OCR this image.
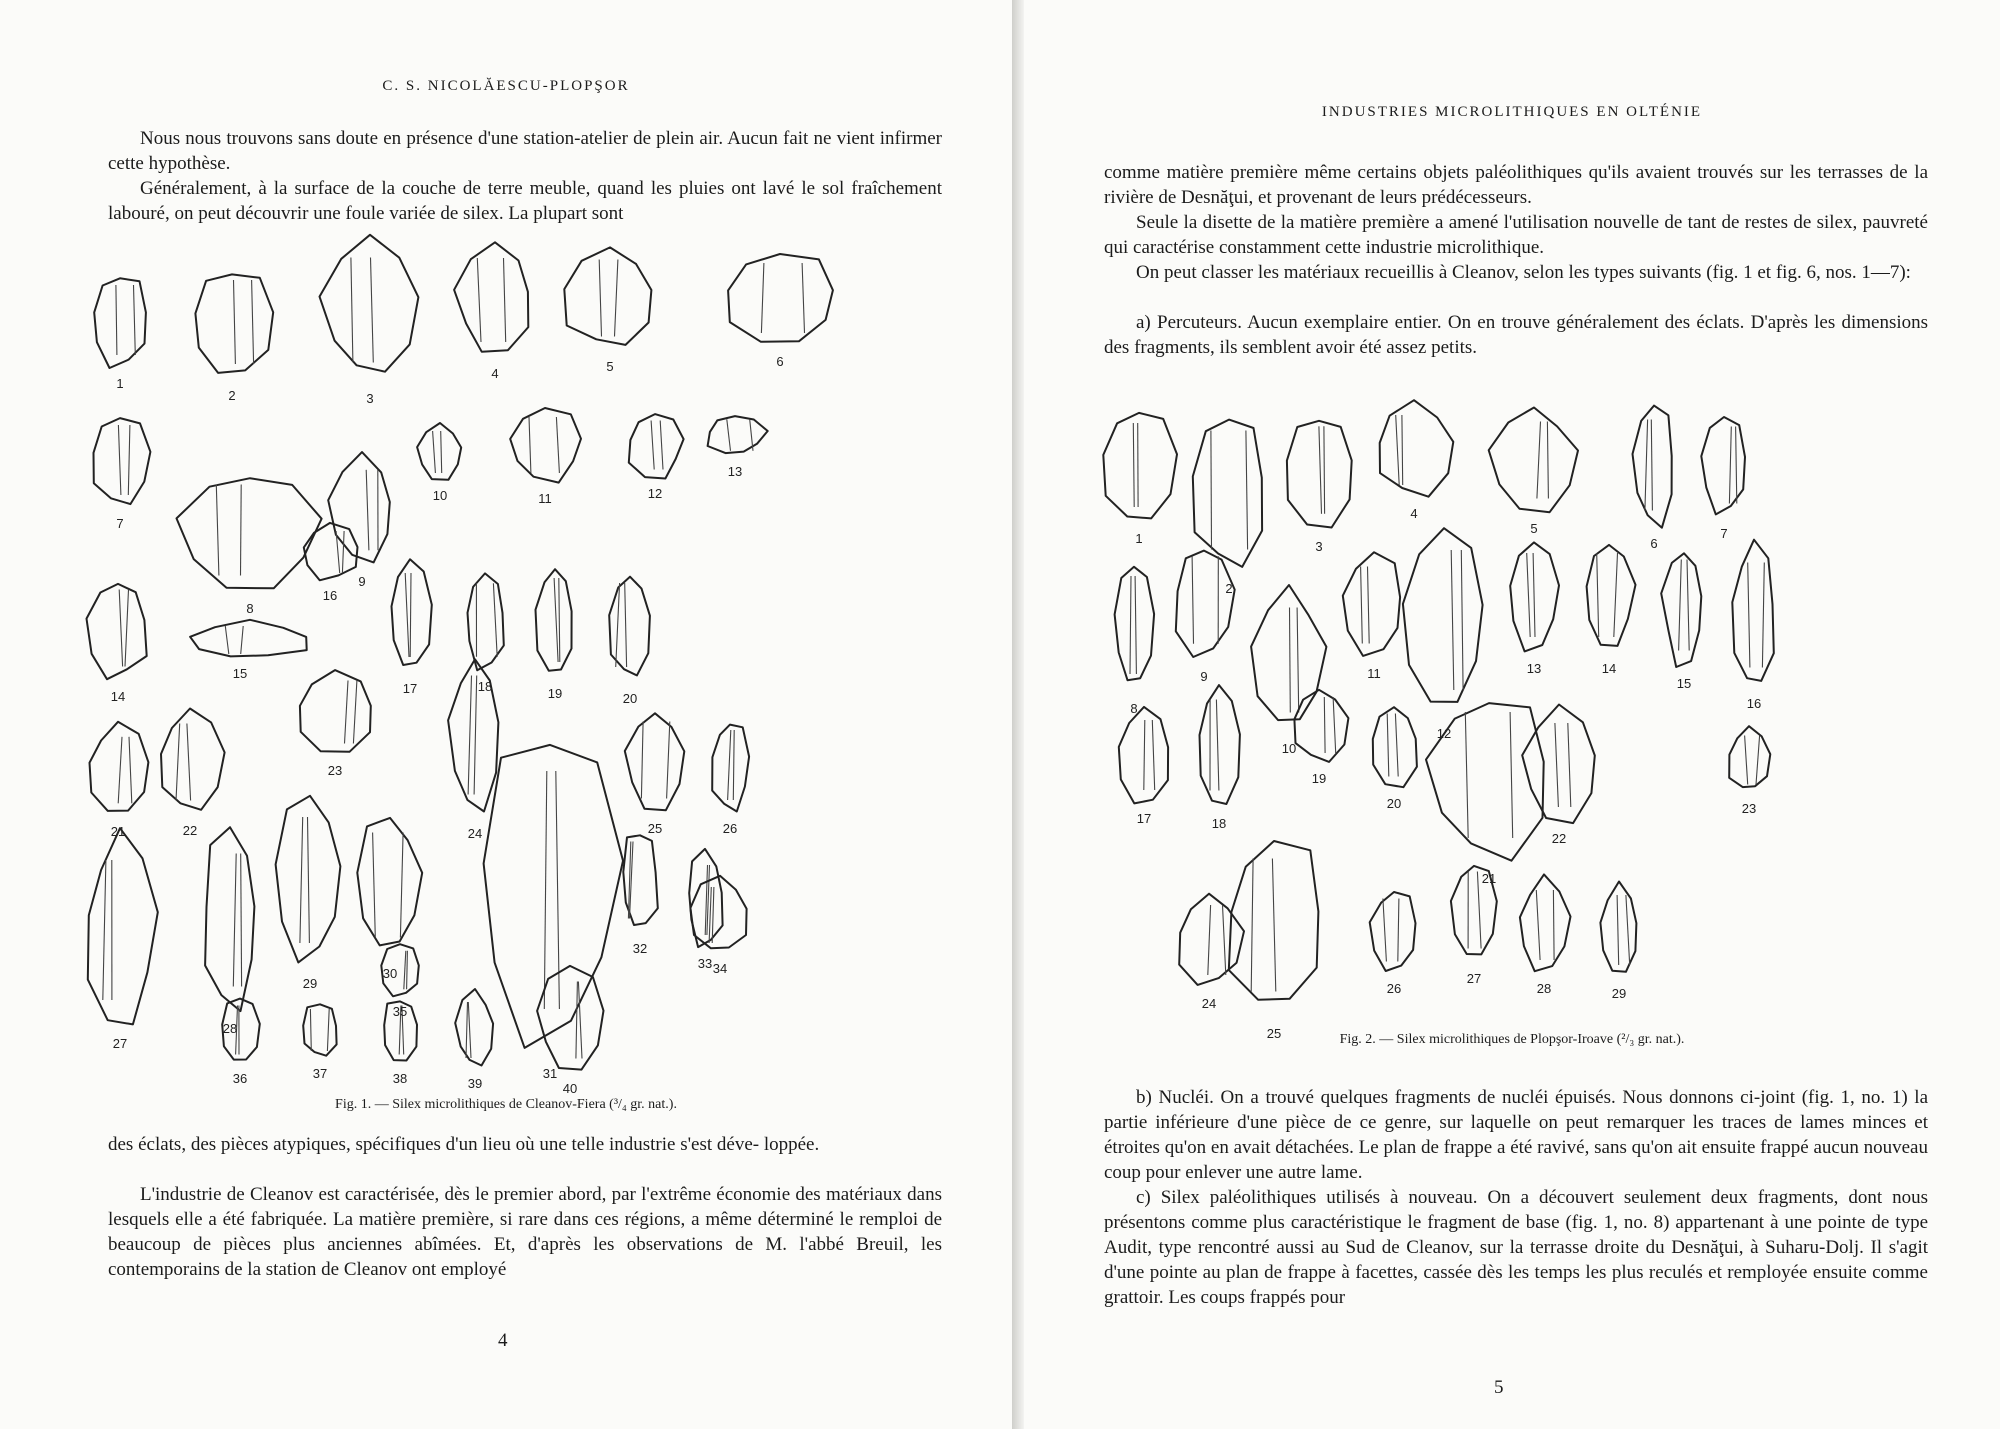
C. S. NICOLĂESCU-PLOPŞOR
Nous nous trouvons sans doute en présence d'une station-atelier de plein air. Aucun fait ne vient infirmer cette hypothèse.
Généralement, à la surface de la couche de terre meuble, quand les pluies ont lavé le sol fraîchement labouré, on peut découvrir une foule variée de silex. La plupart sont
1
2	3
4	5	6
7
8
9
10	11	12
13
14
15
16
17	18	19	20
21	22
23
24	25	26
27
28
29
30
31
32
33 34
35
36	37	38	39	40
Fig. 1. — Silex microlithiques de Cleanov-Fiera (³/₄ gr. nat.).
des éclats, des pièces atypiques, spécifiques d'un lieu où une telle industrie s'est déve- loppée.
L'industrie de Cleanov est caractérisée, dès le premier abord, par l'extrême économie des matériaux dans lesquels elle a été fabriquée. La matière première, si rare dans ces régions, a même déterminé le remploi de beaucoup de pièces plus anciennes abîmées. Et, d'après les observations de M. l'abbé Breuil, les contemporains de la station de Cleanov ont employé
4
INDUSTRIES MICROLITHIQUES EN OLTÉNIE
comme matière première même certains objets paléolithiques qu'ils avaient trouvés sur les terrasses de la rivière de Desnăţui, et provenant de leurs prédécesseurs.
Seule la disette de la matière première a amené l'utilisation nouvelle de tant de restes de silex, pauvreté qui caractérise constamment cette industrie microlithique.
On peut classer les matériaux recueillis à Cleanov, selon les types suivants (fig. 1 et fig. 6, nos. 1—7):
a) Percuteurs. Aucun exemplaire entier. On en trouve généralement des éclats. D'après les dimensions des fragments, ils semblent avoir été assez petits.
1
2
3
4
5
6
7
8
9
10
11
12
13	14
15
16
17	18
19
20
21
22
23
24
25
26
27
28	29
Fig. 2. — Silex microlithiques de Plopşor-Iroave (²/₃ gr. nat.).
b) Nucléi. On a trouvé quelques fragments de nucléi épuisés. Nous donnons ci-joint (fig. 1, no. 1) la partie inférieure d'une pièce de ce genre, sur laquelle on peut remarquer les traces de lames minces et étroites qu'on en avait détachées. Le plan de frappe a été ravivé, sans qu'on ait ensuite frappé aucun nouveau coup pour enlever une autre lame.
c) Silex paléolithiques utilisés à nouveau. On a découvert seulement deux fragments, dont nous présentons comme plus caractéristique le fragment de base (fig. 1, no. 8) appartenant à une pointe de type Audit, type rencontré aussi au Sud de Cleanov, sur la terrasse droite du Desnăţui, à Suharu-Dolj. Il s'agit d'une pointe au plan de frappe à facettes, cassée dès les temps les plus reculés et remployée ensuite comme grattoir. Les coups frappés pour
5
